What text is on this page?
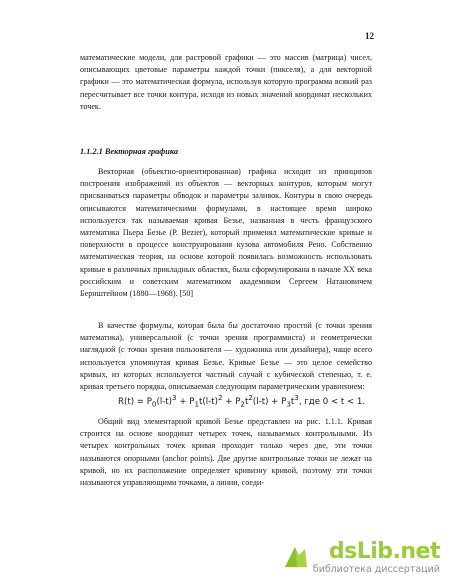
12

математические модели, для растровой графики — это массив (матрица) чисел, описывающих цветовые параметры каждой точки (пикселя), а для векторной графики — это математическая формула, используя которую программа всякий раз пересчитывает все точки контура, исходя из новых значений координат нескольких точек.

1.1.2.1 Векторная графика

Векторная (объектно-ориентированная) графика исходит из принципов построения изображений из объектов — векторных контуров, которым могут присваиваться параметры обводок и параметры заливок. Контуры в свою очередь описываются математическими формулами, в настоящее время широко используется так называемая кривая Безье, названная в честь французского математика Пьера Безье (P. Bezier), который применял математические кривые и поверхности в процессе конструирования кузова автомобиля Рено. Собственно математическая теория, на основе которой появилась возможность использовать кривые в различных прикладных областях, была сформулирована в начале XX века российским и советским математиком академиком Сергеем Натановичем Бернштейном (1880—1968). [50]

В качестве формулы, которая была бы достаточно простой (с точки зрения математика), универсальной (с точки зрения программиста) и геометрически наглядной (с точки зрения пользователя — художника или дизайнера), чаще всего используется упомянутая кривая Безье. Кривые Безье — это целое семейство кривых, из которых используется частный случай с кубической степенью, т. е. кривая третьего порядка, описываемая следующим параметрическим уравнением:

$R(t) = P_0(l-t)^3 + P_1t(l-t)^2 + P_2t^2(l-t) + P_3t^3$, где 0 < t < 1.

Общий вид элементарной кривой Безье представлен на рис. 1.1.1. Кривая строится на основе координат четырех точек, называемых контрольными. Из четырех контрольных точек кривая проходит только через две, эти точки называются опорными (anchor points). Две другие контрольные точки не лежат на кривой, но их расположение определяет кривизну кривой, поэтому эти точки называются управляющими точками, а линии, соеди-

dsLib.net
библиотека диссертаций
